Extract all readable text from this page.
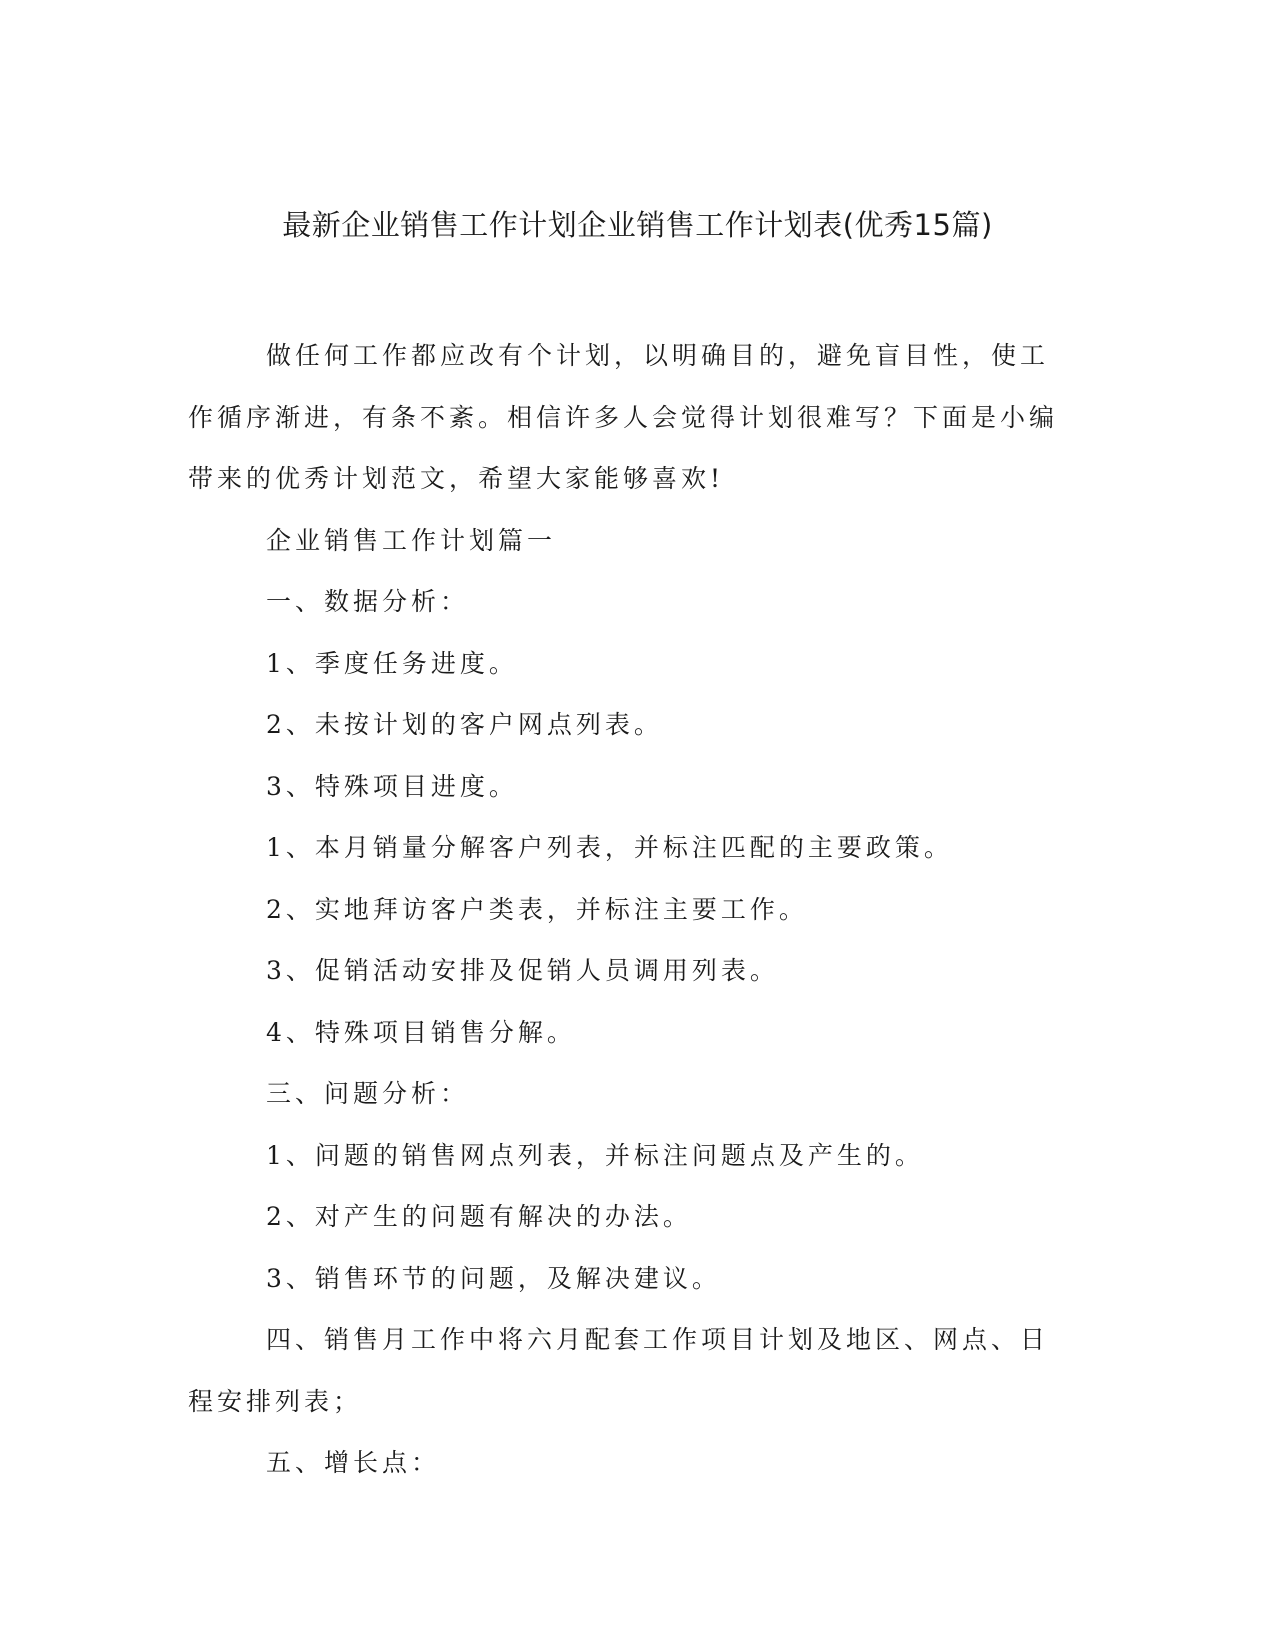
最新企业销售工作计划企业销售工作计划表(优秀15篇)

做任何工作都应改有个计划，以明确目的，避免盲目性，使工作循序渐进，有条不紊。相信许多人会觉得计划很难写？下面是小编带来的优秀计划范文，希望大家能够喜欢!

企业销售工作计划篇一

一、数据分析：

1、季度任务进度。

2、未按计划的客户网点列表。

3、特殊项目进度。

1、本月销量分解客户列表，并标注匹配的主要政策。

2、实地拜访客户类表，并标注主要工作。

3、促销活动安排及促销人员调用列表。

4、特殊项目销售分解。

三、问题分析：

1、问题的销售网点列表，并标注问题点及产生的。

2、对产生的问题有解决的办法。

3、销售环节的问题，及解决建议。

四、销售月工作中将六月配套工作项目计划及地区、网点、日程安排列表；

五、增长点：
